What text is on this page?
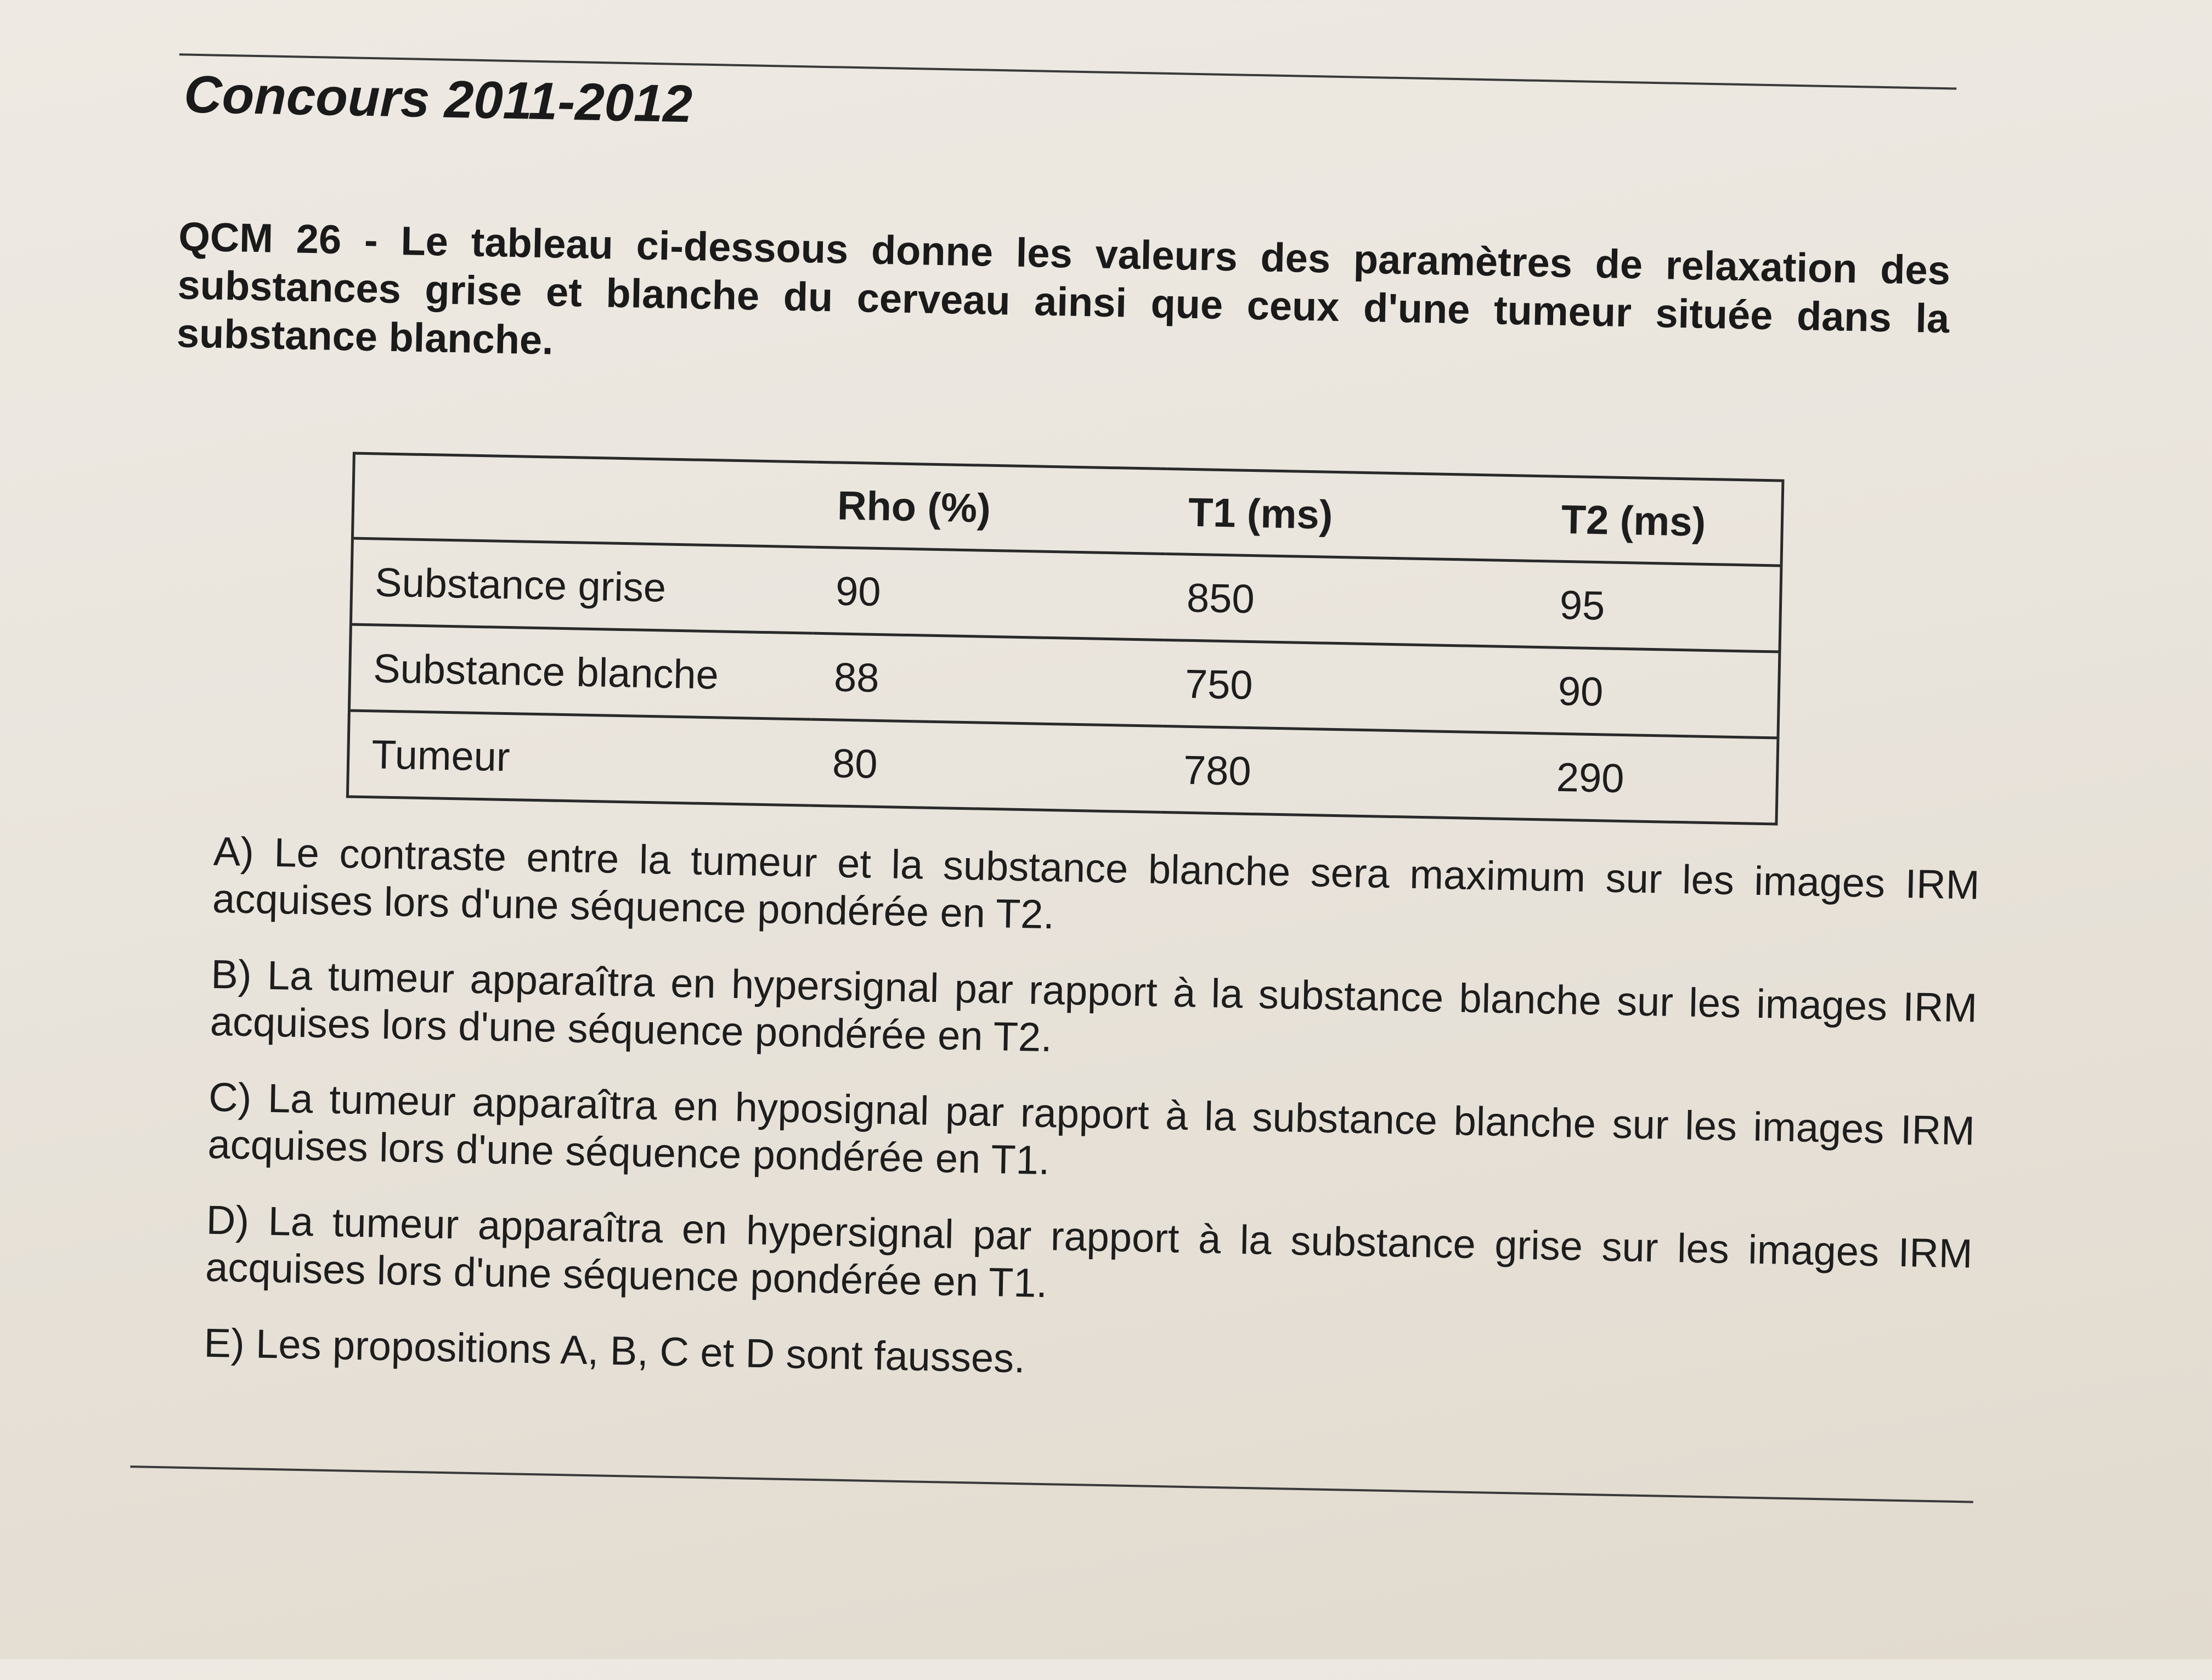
Concours 2011-2012

QCM 26 - Le tableau ci-dessous donne les valeurs des paramètres de relaxation des substances grise et blanche du cerveau ainsi que ceux d'une tumeur située dans la substance blanche.

	Rho (%)	T1 (ms)	T2 (ms)
Substance grise	90	850	95
Substance blanche	88	750	90
Tumeur	80	780	290
A) Le contraste entre la tumeur et la substance blanche sera maximum sur les images IRM acquises lors d'une séquence pondérée en T2.
B) La tumeur apparaîtra en hypersignal par rapport à la substance blanche sur les images IRM acquises lors d'une séquence pondérée en T2.
C) La tumeur apparaîtra en hyposignal par rapport à la substance blanche sur les images IRM acquises lors d'une séquence pondérée en T1.
D) La tumeur apparaîtra en hypersignal par rapport à la substance grise sur les images IRM acquises lors d'une séquence pondérée en T1.
E) Les propositions A, B, C et D sont fausses.
